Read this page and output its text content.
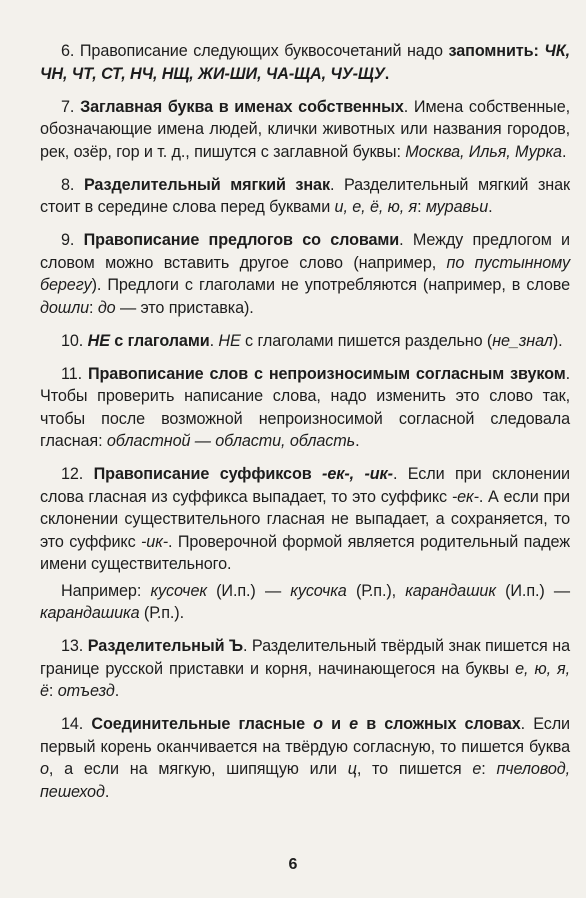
6. Правописание следующих буквосочетаний надо запомнить: ЧК, ЧН, ЧТ, СТ, НЧ, НЩ, ЖИ-ШИ, ЧА-ЩА, ЧУ-ЩУ.
7. Заглавная буква в именах собственных. Имена собственные, обозначающие имена людей, клички животных или названия городов, рек, озёр, гор и т. д., пишутся с заглавной буквы: Москва, Илья, Мурка.
8. Разделительный мягкий знак. Разделительный мягкий знак стоит в середине слова перед буквами и, е, ё, ю, я: муравьи.
9. Правописание предлогов со словами. Между предлогом и словом можно вставить другое слово (например, по пустынному берегу). Предлоги с глаголами не употребляются (например, в слове дошли: до — это приставка).
10. НЕ с глаголами. НЕ с глаголами пишется раздельно (не_знал).
11. Правописание слов с непроизносимым согласным звуком. Чтобы проверить написание слова, надо изменить это слово так, чтобы после возможной непроизносимой согласной следовала гласная: областной — области, область.

12. Правописание суффиксов -ек-, -ик-. Если при склонении слова гласная из суффикса выпадает, то это суффикс -ек-. А если при склонении существительного гласная не выпадает, а сохраняется, то это суффикс -ик-. Проверочной формой является родительный падеж имени существительного.

Например: кусочек (И.п.) — кусочка (Р.п.), карандашик (И.п.) — карандашика (Р.п.).

13. Разделительный Ъ. Разделительный твёрдый знак пишется на границе русской приставки и корня, начинающегося на буквы е, ю, я, ё: отъезд.
14. Соединительные гласные о и е в сложных словах. Если первый корень оканчивается на твёрдую согласную, то пишется буква о, а если на мягкую, шипящую или ц, то пишется е: пчеловод, пешеход.
6
